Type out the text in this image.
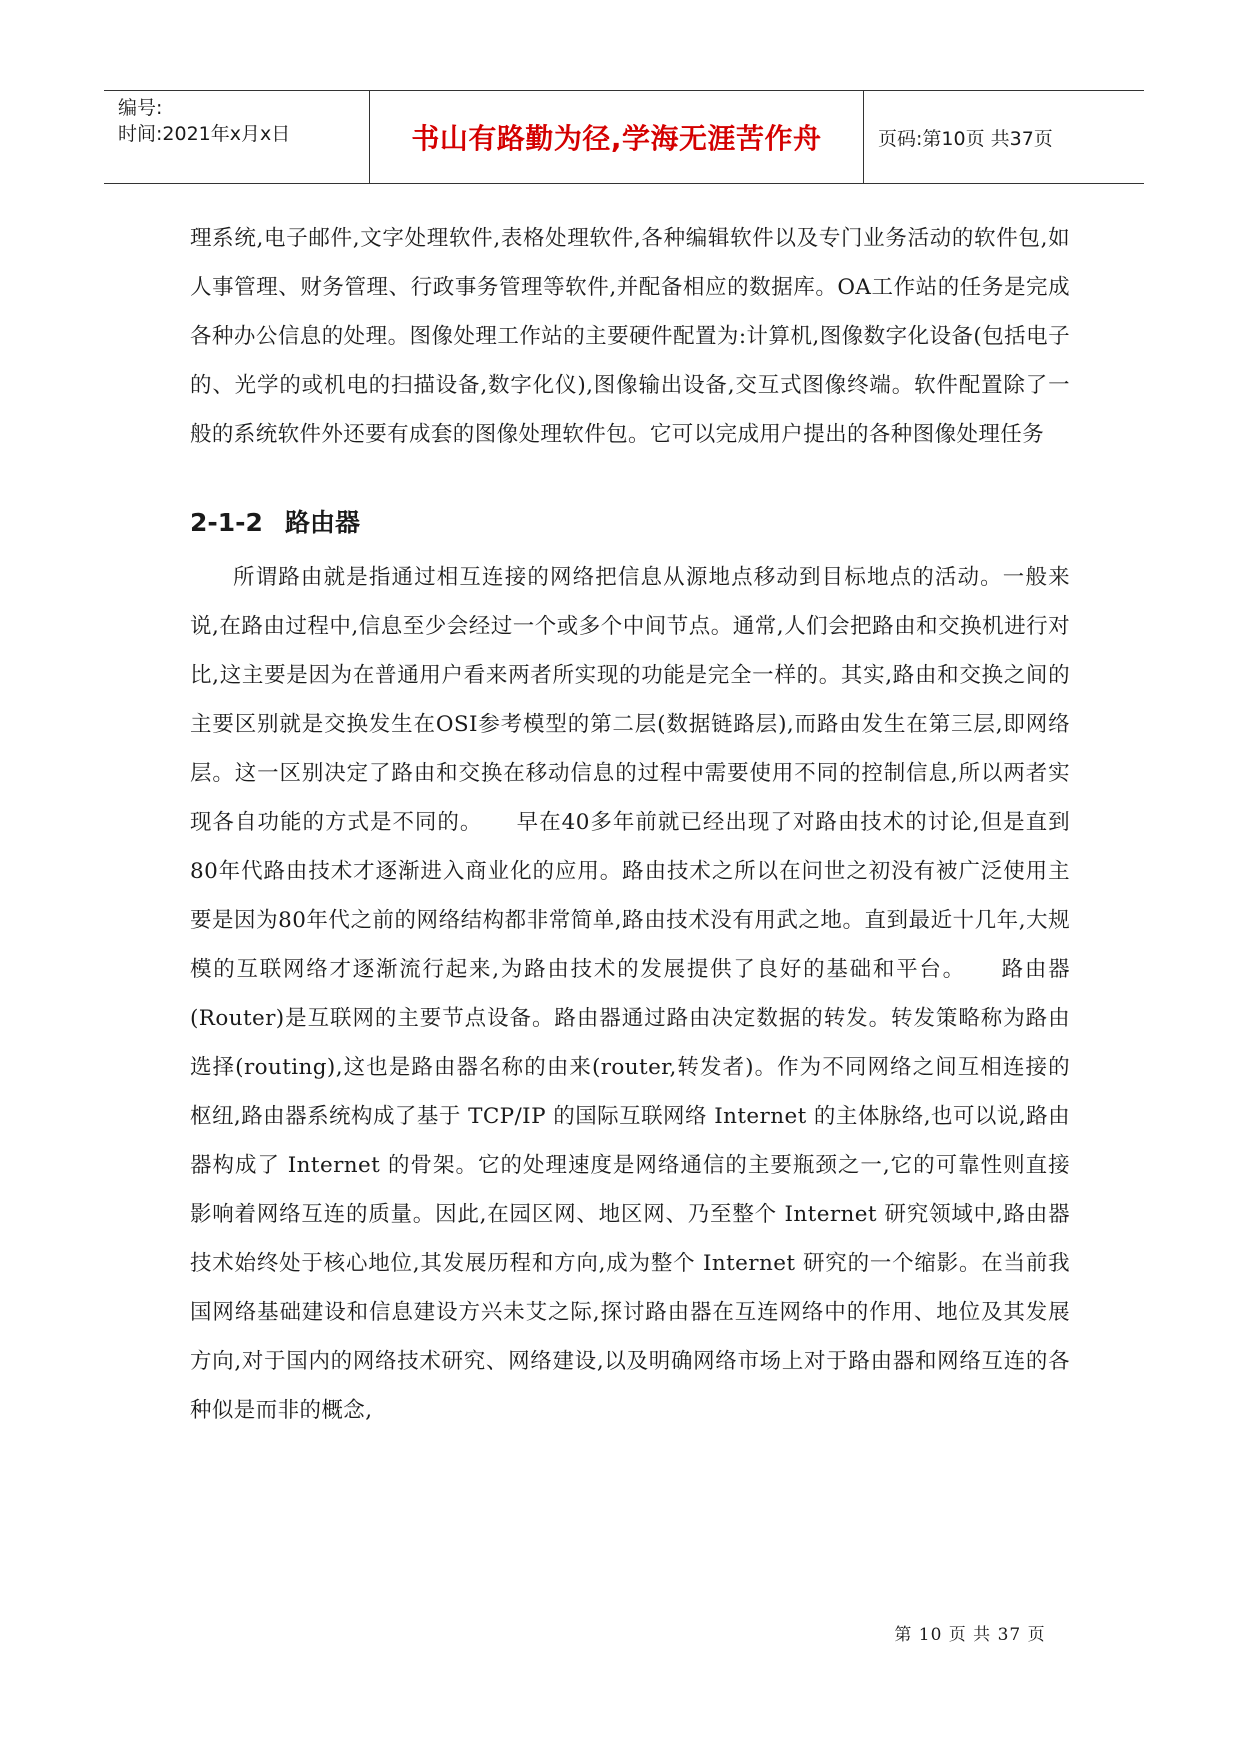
编号:
时间:2021年x月x日	书山有路勤为径,学海无涯苦作舟	页码:第10页 共37页

理系统,电子邮件,文字处理软件,表格处理软件,各种编辑软件以及专门业务活动的软件包,如人事管理、财务管理、行政事务管理等软件,并配备相应的数据库。OA工作站的任务是完成各种办公信息的处理。图像处理工作站的主要硬件配置为:计算机,图像数字化设备(包括电子的、光学的或机电的扫描设备,数字化仪),图像输出设备,交互式图像终端。软件配置除了一般的系统软件外还要有成套的图像处理软件包。它可以完成用户提出的各种图像处理任务

2-1-2 路由器

所谓路由就是指通过相互连接的网络把信息从源地点移动到目标地点的活动。一般来说,在路由过程中,信息至少会经过一个或多个中间节点。通常,人们会把路由和交换机进行对比,这主要是因为在普通用户看来两者所实现的功能是完全一样的。其实,路由和交换之间的主要区别就是交换发生在OSI参考模型的第二层(数据链路层),而路由发生在第三层,即网络层。这一区别决定了路由和交换在移动信息的过程中需要使用不同的控制信息,所以两者实现各自功能的方式是不同的。　　早在40多年前就已经出现了对路由技术的讨论,但是直到80年代路由技术才逐渐进入商业化的应用。路由技术之所以在问世之初没有被广泛使用主要是因为80年代之前的网络结构都非常简单,路由技术没有用武之地。直到最近十几年,大规模的互联网络才逐渐流行起来,为路由技术的发展提供了良好的基础和平台。　　路由器(Router)是互联网的主要节点设备。路由器通过路由决定数据的转发。转发策略称为路由选择(routing),这也是路由器名称的由来(router,转发者)。作为不同网络之间互相连接的枢纽,路由器系统构成了基于 TCP/IP 的国际互联网络 Internet 的主体脉络,也可以说,路由器构成了 Internet 的骨架。它的处理速度是网络通信的主要瓶颈之一,它的可靠性则直接影响着网络互连的质量。因此,在园区网、地区网、乃至整个 Internet 研究领域中,路由器技术始终处于核心地位,其发展历程和方向,成为整个 Internet 研究的一个缩影。在当前我国网络基础建设和信息建设方兴未艾之际,探讨路由器在互连网络中的作用、地位及其发展方向,对于国内的网络技术研究、网络建设,以及明确网络市场上对于路由器和网络互连的各种似是而非的概念,

第 10 页 共 37 页
